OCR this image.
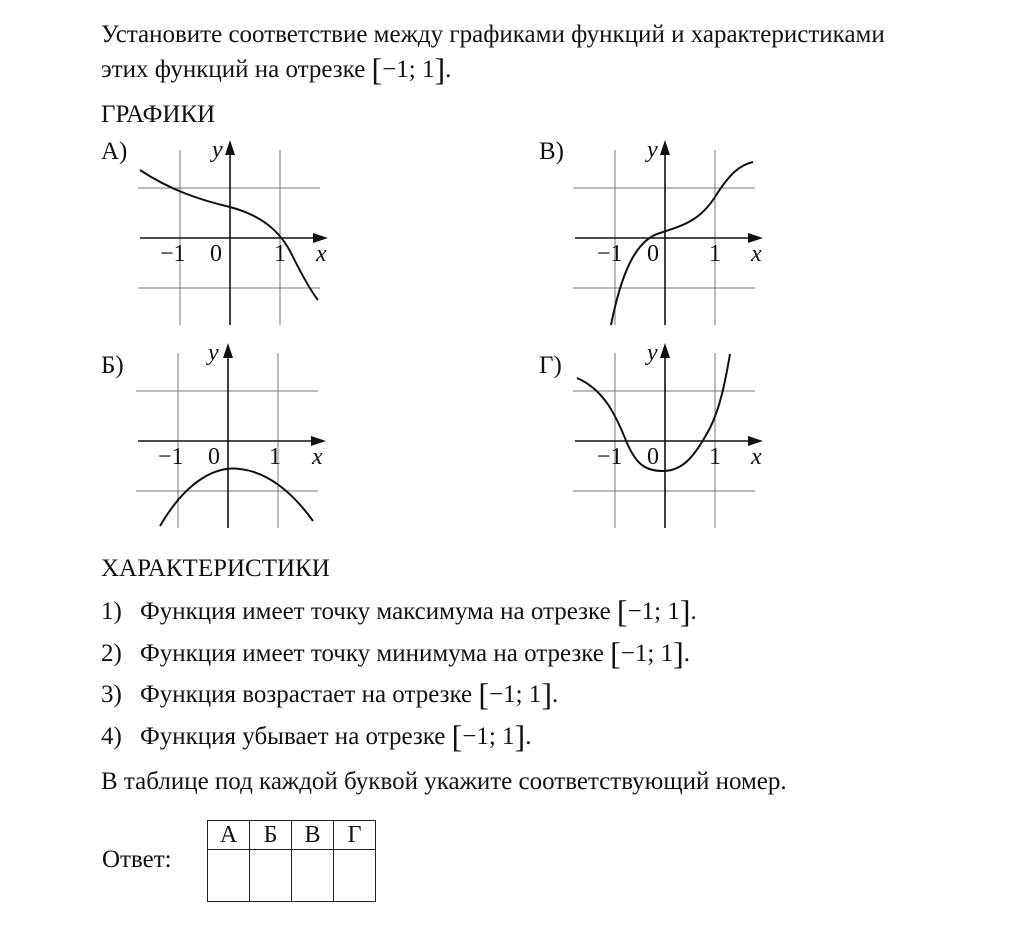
Установите соответствие между графиками функций и характеристиками
этих функций на отрезке [−1; 1].
ГРАФИКИ
А)
Б)
В)
Г)
y
x
−1 0 1
y
x
−1 0 1
y
x
−1 0 1
y
x
−1 0 1
ХАРАКТЕРИСТИКИ
1) Функция имеет точку максимума на отрезке [−1; 1].
2) Функция имеет точку минимума на отрезке [−1; 1].
3) Функция возрастает на отрезке [−1; 1].
4) Функция убывает на отрезке [−1; 1].
В таблице под каждой буквой укажите соответствующий номер.
Ответ:
А	Б	В	Г
